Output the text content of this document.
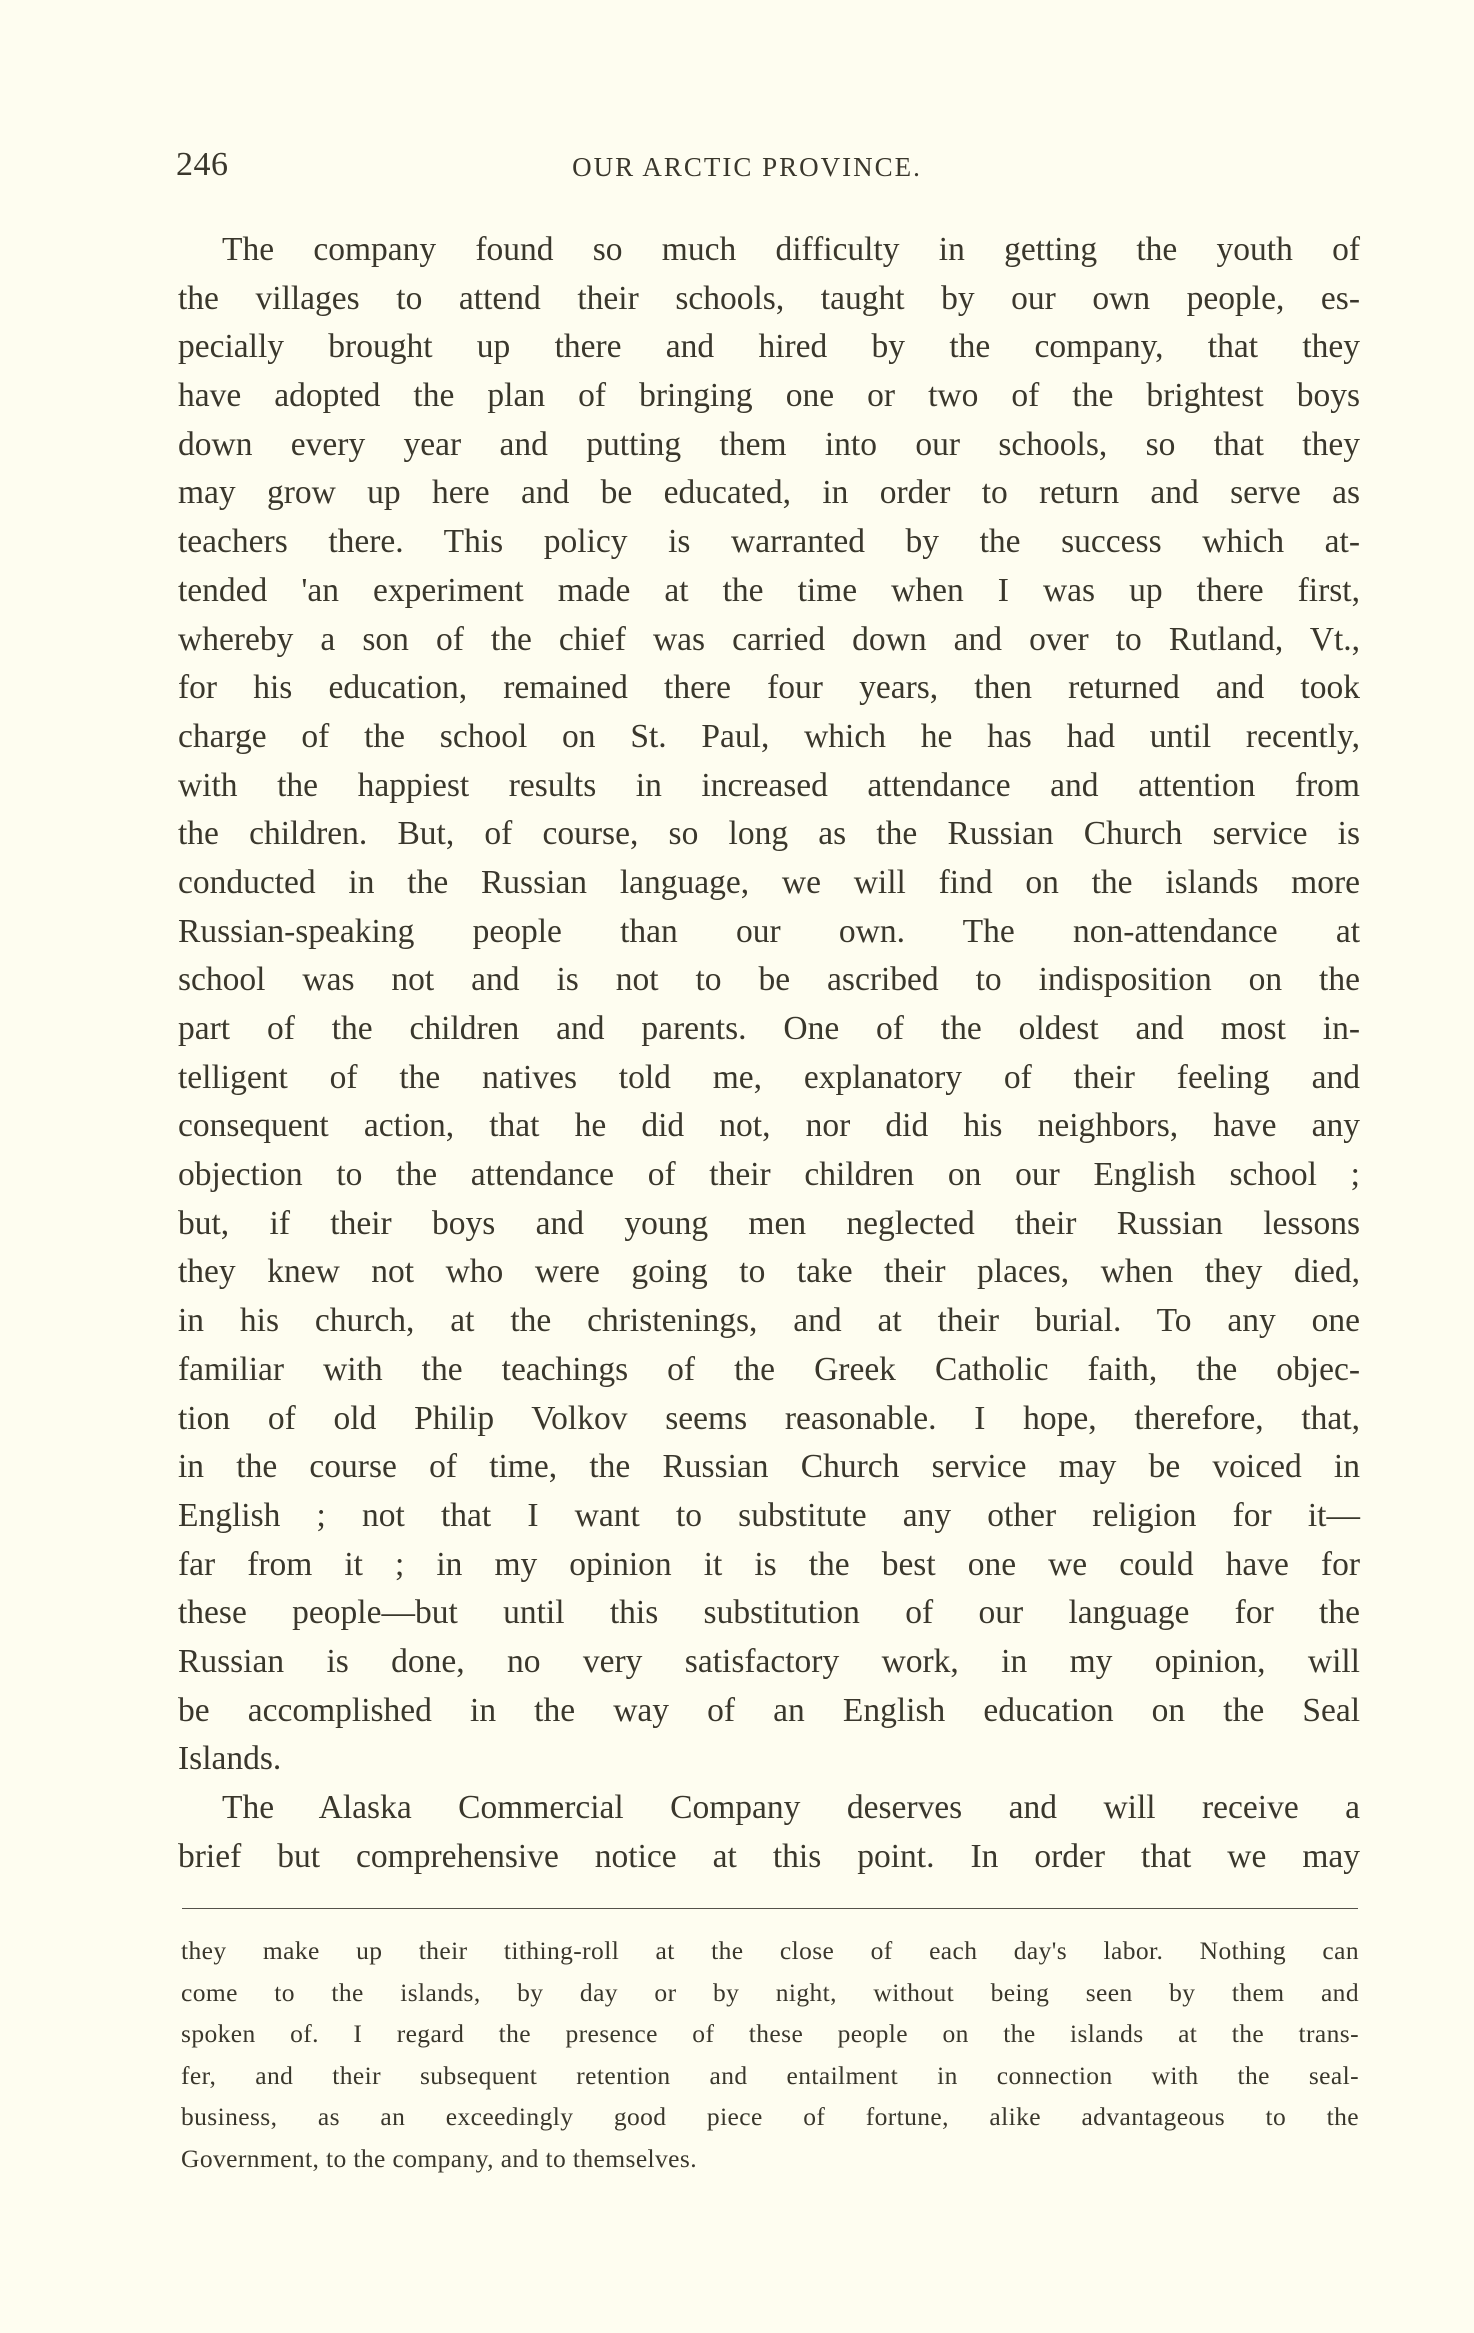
246	OUR ARCTIC PROVINCE.
The company found so much difficulty in getting the youth of
the villages to attend their schools, taught by our own people, es-
pecially brought up there and hired by the company, that they
have adopted the plan of bringing one or two of the brightest boys
down every year and putting them into our schools, so that they
may grow up here and be educated, in order to return and serve as
teachers there. This policy is warranted by the success which at-
tended 'an experiment made at the time when I was up there first,
whereby a son of the chief was carried down and over to Rutland, Vt.,
for his education, remained there four years, then returned and took
charge of the school on St. Paul, which he has had until recently,
with the happiest results in increased attendance and attention from
the children. But, of course, so long as the Russian Church service is
conducted in the Russian language, we will find on the islands more
Russian-speaking people than our own. The non-attendance at
school was not and is not to be ascribed to indisposition on the
part of the children and parents. One of the oldest and most in-
telligent of the natives told me, explanatory of their feeling and
consequent action, that he did not, nor did his neighbors, have any
objection to the attendance of their children on our English school ;
but, if their boys and young men neglected their Russian lessons
they knew not who were going to take their places, when they died,
in his church, at the christenings, and at their burial. To any one
familiar with the teachings of the Greek Catholic faith, the objec-
tion of old Philip Volkov seems reasonable. I hope, therefore, that,
in the course of time, the Russian Church service may be voiced in
English ; not that I want to substitute any other religion for it—
far from it ; in my opinion it is the best one we could have for
these people—but until this substitution of our language for the
Russian is done, no very satisfactory work, in my opinion, will
be accomplished in the way of an English education on the Seal
Islands.
The Alaska Commercial Company deserves and will receive a
brief but comprehensive notice at this point. In order that we may
they make up their tithing-roll at the close of each day's labor. Nothing can
come to the islands, by day or by night, without being seen by them and
spoken of. I regard the presence of these people on the islands at the trans-
fer, and their subsequent retention and entailment in connection with the seal-
business, as an exceedingly good piece of fortune, alike advantageous to the
Government, to the company, and to themselves.
